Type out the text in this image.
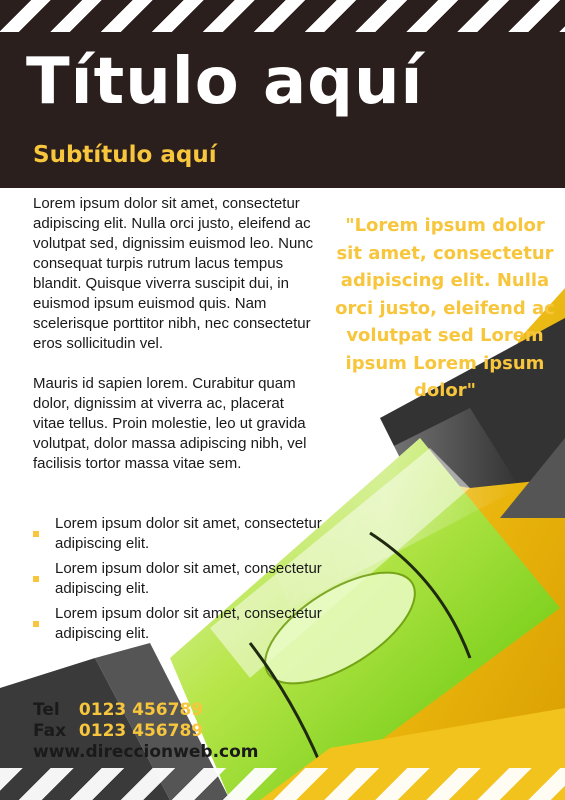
Título aquí
Subtítulo aquí

Lorem ipsum dolor sit amet, consectetur adipiscing elit. Nulla orci justo, eleifend ac volutpat sed, dignissim euismod leo. Nunc consequat turpis rutrum lacus tempus blandit. Quisque viverra suscipit dui, in euismod ipsum euismod quis. Nam scelerisque porttitor nibh, nec consectetur eros sollicitudin vel.

Mauris id sapien lorem. Curabitur quam dolor, dignissim at viverra ac, placerat vitae tellus. Proin molestie, leo ut gravida volutpat, dolor massa adipiscing nibh, vel facilisis tortor massa vitae sem.

Lorem ipsum dolor sit amet, consectetur adipiscing elit.
Lorem ipsum dolor sit amet, consectetur adipiscing elit.
Lorem ipsum dolor sit amet, consectetur adipiscing elit.

"Lorem ipsum dolor sit amet, consectetur adipiscing elit. Nulla orci justo, eleifend ac volutpat sed Lorem ipsum Lorem ipsum dolor"

Tel 0123 456789
Fax 0123 456789
www.direccionweb.com
